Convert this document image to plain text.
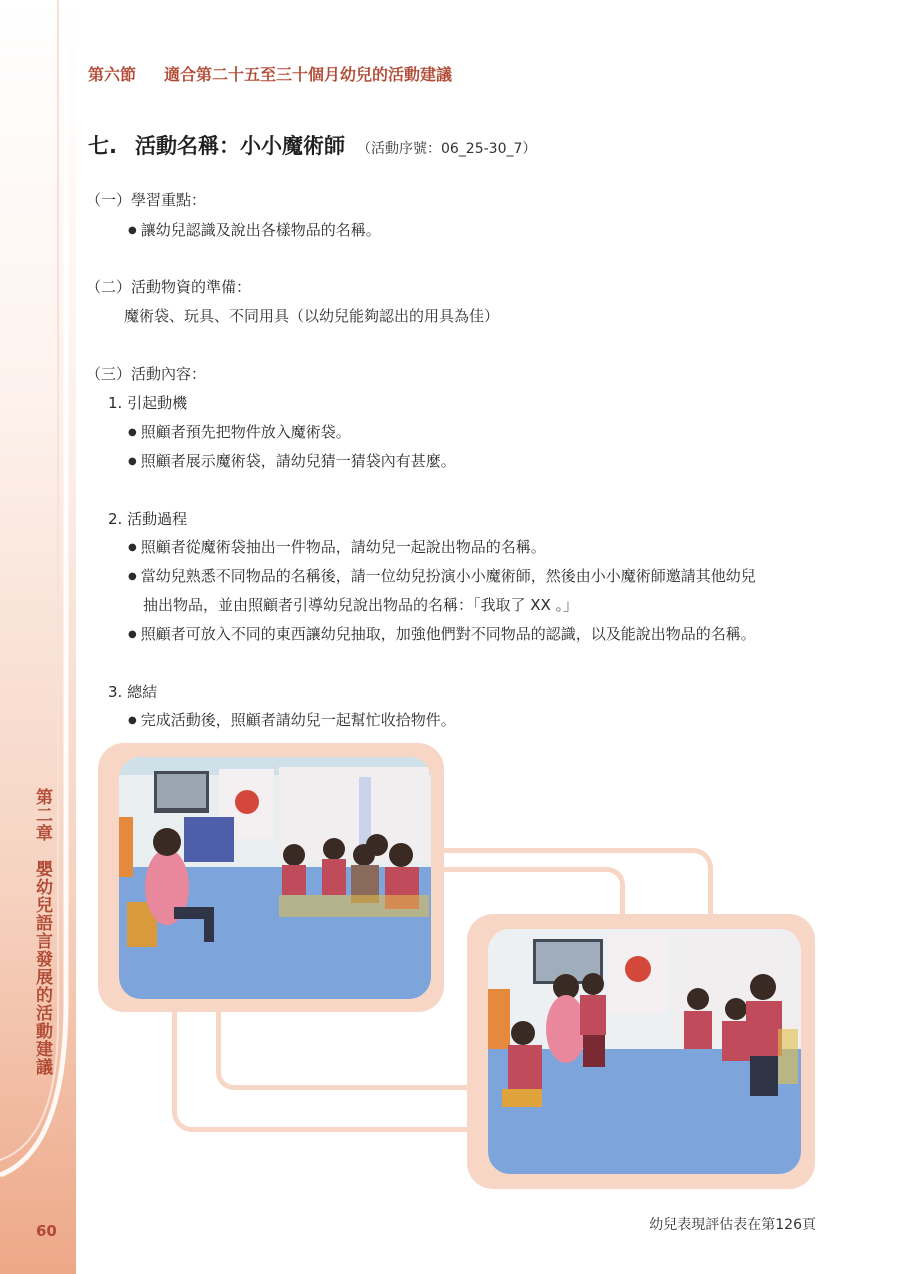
第二章　嬰幼兒語言發展的活動建議
60
第六節 適合第二十五至三十個月幼兒的活動建議
七. 活動名稱：小小魔術師 （活動序號：06_25-30_7）
（一）學習重點：
● 讓幼兒認識及說出各樣物品的名稱。
（二）活動物資的準備：
魔術袋、玩具、不同用具（以幼兒能夠認出的用具為佳）
（三）活動內容：
1. 引起動機
● 照顧者預先把物件放入魔術袋。
● 照顧者展示魔術袋，請幼兒猜一猜袋內有甚麼。
2. 活動過程
● 照顧者從魔術袋抽出一件物品，請幼兒一起說出物品的名稱。
● 當幼兒熟悉不同物品的名稱後，請一位幼兒扮演小小魔術師，然後由小小魔術師邀請其他幼兒
抽出物品，並由照顧者引導幼兒說出物品的名稱：「我取了 XX 。」
● 照顧者可放入不同的東西讓幼兒抽取，加強他們對不同物品的認識，以及能說出物品的名稱。
3. 總結
● 完成活動後，照顧者請幼兒一起幫忙收拾物件。
幼兒表現評估表在第126頁
